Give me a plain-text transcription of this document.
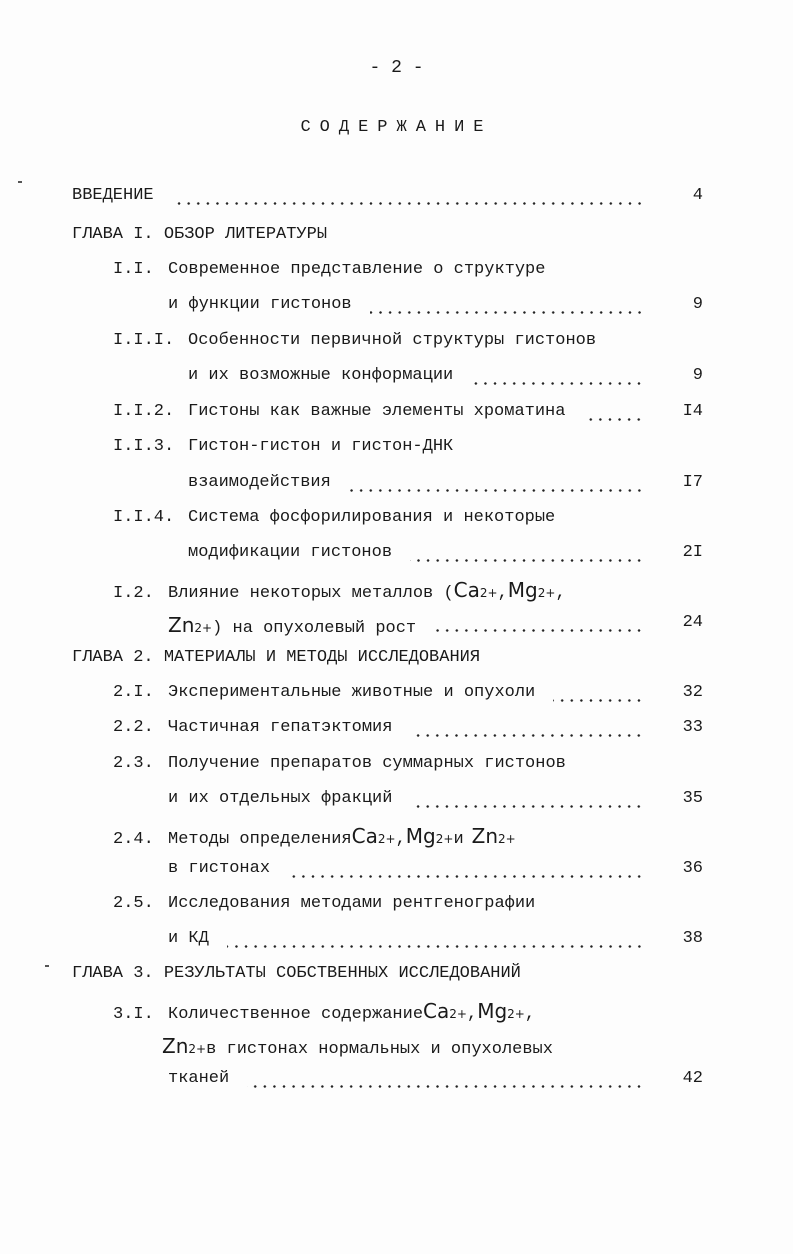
- 2 -
СОДЕРЖАНИЕ
ВВЕДЕНИЕ	4
ГЛАВА I. ОБЗОР ЛИТЕРАТУРЫ
I.I. Современное представление о структуре
и функции гистонов	9
I.I.I. Особенности первичной структуры гистонов
и их возможные конформации	9
I.I.2. Гистоны как важные элементы хроматина	I4
I.I.3. Гистон-гистон и гистон-ДНК
взаимодействия	I7
I.I.4. Система фосфорилирования и некоторые
модификации гистонов	2I
I.2. Влияние некоторых металлов ( Ca 2+ , Mg 2+ ,
Zn 2+ ) на опухолевый рост	24
ГЛАВА 2. МАТЕРИАЛЫ И МЕТОДЫ ИССЛЕДОВАНИЯ
2.I. Экспериментальные животные и опухоли	32
2.2. Частичная гепатэктомия	33
2.3. Получение препаратов суммарных гистонов
и их отдельных фракций	35
2.4. Методы определения Ca 2+ , Mg 2+ и Zn 2+
в гистонах	36
2.5. Исследования методами рентгенографии
и КД	38
ГЛАВА 3. РЕЗУЛЬТАТЫ СОБСТВЕННЫХ ИССЛЕДОВАНИЙ
3.I. Количественное содержание Ca 2+ , Mg 2+ ,
Zn 2+ в гистонах нормальных и опухолевых
тканей	42
